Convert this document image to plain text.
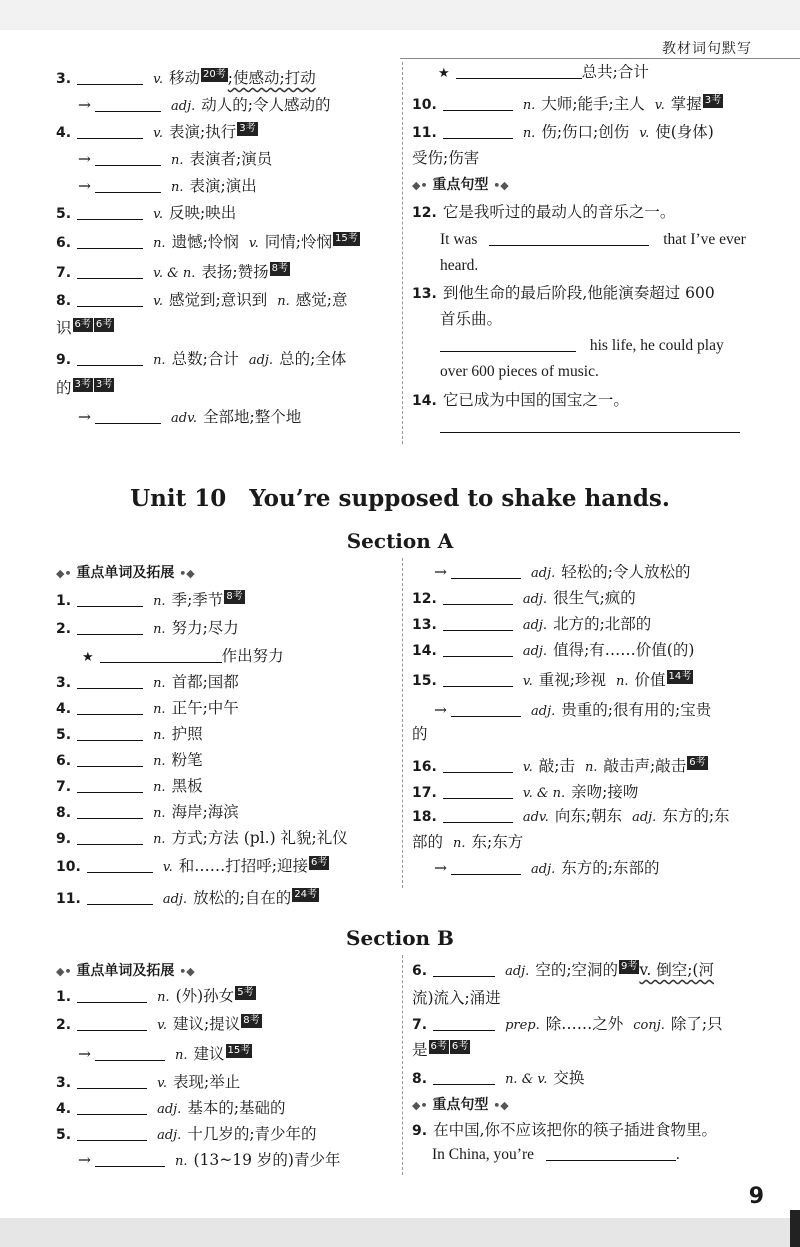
教材词句默写
3.	v. 移动 20考 ;使感动;打动
→	adj. 动人的;令人感动的
4.	v. 表演;执行 3考
→	n. 表演者;演员
→	n. 表演;演出
5.	v. 反映;映出
6.	n. 遗憾;怜悯 v. 同情;怜悯 15考
7.	v. & n. 表扬;赞扬 8考
8.	v. 感觉到;意识到 n. 感觉;意
识 6考 6考
9.	n. 总数;合计 adj. 总的;全体
的 3考 3考
→	adv. 全部地;整个地
★	总共;合计
10.	n. 大师;能手;主人 v. 掌握 3考
11.	n. 伤;伤口;创伤 v. 使(身体)
受伤;伤害
◆• 重点句型 •◆
12. 它是我听过的最动人的音乐之一。
It was	that I’ve ever
heard.
13. 到他生命的最后阶段,他能演奏超过 600
首乐曲。
his life, he could play
over 600 pieces of music.
14. 它已成为中国的国宝之一。
Unit 10　You’re supposed to shake hands.
Section A
◆• 重点单词及拓展 •◆
1.	n. 季;季节 8考
2.	n. 努力;尽力
★	作出努力
3.	n. 首都;国都
4.	n. 正午;中午
5.	n. 护照
6.	n. 粉笔
7.	n. 黑板
8.	n. 海岸;海滨
9.	n. 方式;方法 (pl.) 礼貌;礼仪
10.	v. 和……打招呼;迎接 6考
11.	adj. 放松的;自在的 24考
→	adj. 轻松的;令人放松的
12.	adj. 很生气;疯的
13.	adj. 北方的;北部的
14.	adj. 值得;有……价值(的)
15.	v. 重视;珍视 n. 价值 14考
→	adj. 贵重的;很有用的;宝贵
的
16.	v. 敲;击 n. 敲击声;敲击 6考
17.	v. & n. 亲吻;接吻
18.	adv. 向东;朝东 adj. 东方的;东
部的 n. 东;东方
→	adj. 东方的;东部的
Section B
◆• 重点单词及拓展 •◆
1.	n. (外)孙女 5考
2.	v. 建议;提议 8考
→	n. 建议 15考
3.	v. 表现;举止
4.	adj. 基本的;基础的
5.	adj. 十几岁的;青少年的
→	n. (13~19 岁的)青少年
6.	adj. 空的;空洞的 9考 v. 倒空;(河
流)流入;涌进
7.	prep. 除……之外 conj. 除了;只
是 6考 6考
8.	n. & v. 交换
◆• 重点句型 •◆
9. 在中国,你不应该把你的筷子插进食物里。
In China, you’re	.
9
